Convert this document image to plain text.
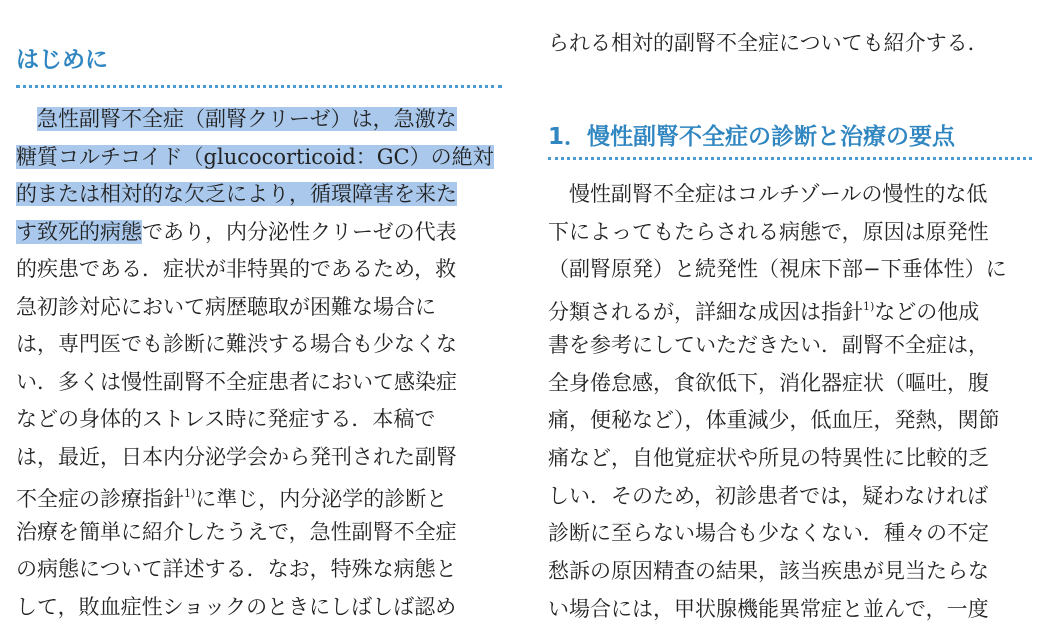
はじめに
　急性副腎不全症（副腎クリーゼ）は，急激な
糖質コルチコイド（glucocorticoid：GC）の絶対
的または相対的な欠乏により，循環障害を来た
す致死的病態であり，内分泌性クリーゼの代表
的疾患である．症状が非特異的であるため，救
急初診対応において病歴聴取が困難な場合に
は，専門医でも診断に難渋する場合も少なくな
い．多くは慢性副腎不全症患者において感染症
などの身体的ストレス時に発症する．本稿で
は，最近，日本内分泌学会から発刊された副腎
不全症の診療指針$^{1)}$に準じ，内分泌学的診断と
治療を簡単に紹介したうえで，急性副腎不全症
の病態について詳述する．なお，特殊な病態と
して，敗血症性ショックのときにしばしば認め
られる相対的副腎不全症についても紹介する．
1．慢性副腎不全症の診断と治療の要点
　慢性副腎不全症はコルチゾールの慢性的な低
下によってもたらされる病態で，原因は原発性
（副腎原発）と続発性（視床下部−下垂体性）に
分類されるが，詳細な成因は指針$^{1)}$などの他成
書を参考にしていただきたい．副腎不全症は，
全身倦怠感，食欲低下，消化器症状（嘔吐，腹
痛，便秘など），体重減少，低血圧，発熱，関節
痛など，自他覚症状や所見の特異性に比較的乏
しい．そのため，初診患者では，疑わなければ
診断に至らない場合も少なくない．種々の不定
愁訴の原因精査の結果，該当疾患が見当たらな
い場合には，甲状腺機能異常症と並んで，一度
